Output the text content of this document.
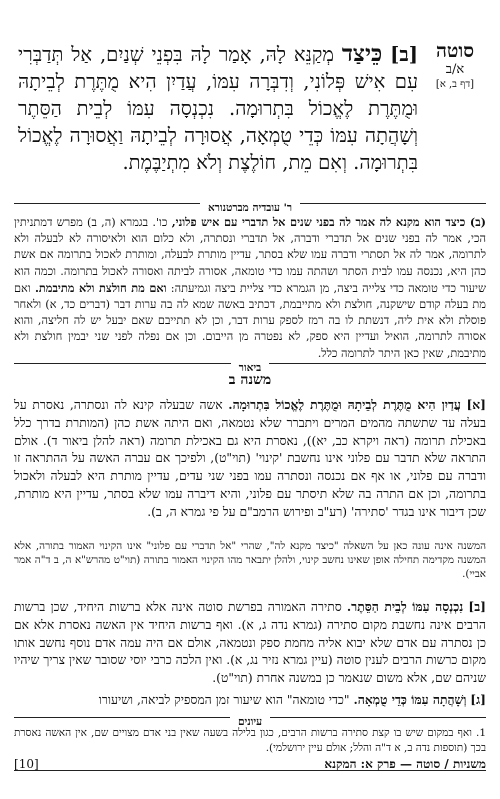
סוטה
א/ב
[דף ב, א]
[ב] כֵּיצַד מְקַנֵּא לָהּ, אָמַר לָהּ בִּפְנֵי שְׁנַיִם, אַל תְּדַבְּרִי עִם אִישׁ פְּלוֹנִי, וְדִבְּרָה עִמּוֹ, עֲדַיִן הִיא מֻתֶּרֶת לְבֵיתָהּ וּמֻתֶּרֶת לֶאֱכוֹל בִּתְרוּמָה. נִכְנְסָה עִמּוֹ לְבֵית הַסֵּתֶר וְשָׁהֲתָה עִמּוֹ כְּדֵי טֻמְאָה, אֲסוּרָה לְבֵיתָהּ וַאֲסוּרָה לֶאֱכוֹל בִּתְרוּמָה. וְאִם מֵת, חוֹלֶצֶת וְלֹא מִתְיַבֶּמֶת.
ר' עובדיה מברטנורא
(ב) כיצד הוא מקנא לה אמר לה בפני שנים אל תדברי עם איש פלוני, כו'. בגמרא (ה, ב) מפרש דמתניתין הכי, אמר לה בפני שנים אל תדברי ודברה, אל תדברי ונסתרה, ולא כלום הוא ולאיסורה לא לבעלה ולא לתרומה, אמר לה אל תסתרי ודברה עמו שלא בסתר, עדיין מותרת לבעלה, ומותרת לאכול בתרומה אם אשת כהן היא, נכנסה עמו לבית הסתר ושהתה עמו כדי טומאה, אסורה לביתה ואסורה לאכול בתרומה. וכמה הוא שיעור כדי טומאה כדי צלייה ביצה, מן הגמרא כדי צליית ביצה וגמיעתה: ואם מת חולצת ולא מתיבמת. ואם מת בעלה קודם שישקנה, חולצת ולא מתייבמת, דכתיב באשה שמא לה בה ערות דבר (דברים כד, א) ולאחר פוסלת ולא אית ליה, דנשתת לו בה רמז לספק ערות דבר, וכן לא תתייבם שאם יבעל יש לה חליצה, והוא אסורה לתרומה, הואיל ועדיין היא ספק, לא נפטרה מן הייבום. וכן אם נפלה לפני שני יבמין חולצת ולא מתיבמת, שאין כאן היתר לתרומה כלל.
ביאור
משנה ב

[א] עֲדַיִן הִיא מֻתֶּרֶת לְבֵיתָהּ וּמֻתֶּרֶת לֶאֱכוֹל בִּתְרוּמָה. אשה שבעלה קינא לה ונסתרה, נאסרת על בעלה עד שתשתה מהמים המרים ויתברר שלא נטמאה, ואם היתה אשת כהן (המותרת בדרך כלל באכילת תרומה (ראה ויקרא כב, יא)), נאסרת היא גם באכילת תרומה (ראה להלן ביאור ד). אולם התראה שלא תדבר עם פלוני אינו נחשבת 'קינוי' (תוי"ט), ולפיכך אם עברה האשה על ההתראה זו ודברה עם פלוני, או אף אם נכנסה ונסתרה עמו בפני שני עדים, עדיין מותרת היא לבעלה ולאכול בתרומה, וכן אם התרה בה שלא תיסתר עם פלוני, והיא דיברה עמו שלא בסתר, עדיין היא מותרת, שכן דיבור אינו בגדר 'סתירה' (רע"ב ופירוש הרמב"ם על פי גמרא ה, ב).

המשנה אינה עונה כאן על השאלה "כיצד מקנא לה", שהרי "אל תדברי עם פלוני" אינו הקינוי האמור בתורה, אלא המשנה מקדימה תחילה אופן שאינו נחשב קינוי, ולהלן יתבאר מהו הקינוי האמור בתורה (תוי"ט מהרש"א ה, ב ד"ה אמר אביי).

[ב] נִכְנְסָה עִמּוֹ לְבֵית הַסֵּתֶר. סתירה האמורה בפרשת סוטה אינה אלא ברשות היחיד, שכן ברשות הרבים אינה נחשבת מקום סתירה (גמרא נדה ג, א). ואף ברשות היחיד אין האשה נאסרת אלא אם כן נסתרה עם אדם שלא יבוא אליה מחמת ספק ונטמאה, אולם אם היה עמה אדם נוסף נחשב אותו מקום כרשות הרבים לענין סוטה (עיין גמרא נזיר נג, א). ואין הלכה כרבי יוסי שסובר שאין צריך שיהיו שניהם שם, אלא משום שנאמר כן במשנה אחרת (תוי"ט).

[ג] וְשָׁהֲתָה עִמּוֹ כְּדֵי טֻמְאָה. "כדי טומאה" הוא שיעור זמן המספיק לביאה, ושיעורו

עיונים
1. ואף במקום שיש בו קצת סתירה ברשות הרבים, כגון בלילה בשעה שאין בני אדם מצויים שם, אין האשה נאסרת בכך (תוספות נדה ב, א ד"ה והלל; אולם עיין ירושלמי).
משניות / סוטה — פרק א: המקנא
[10]
